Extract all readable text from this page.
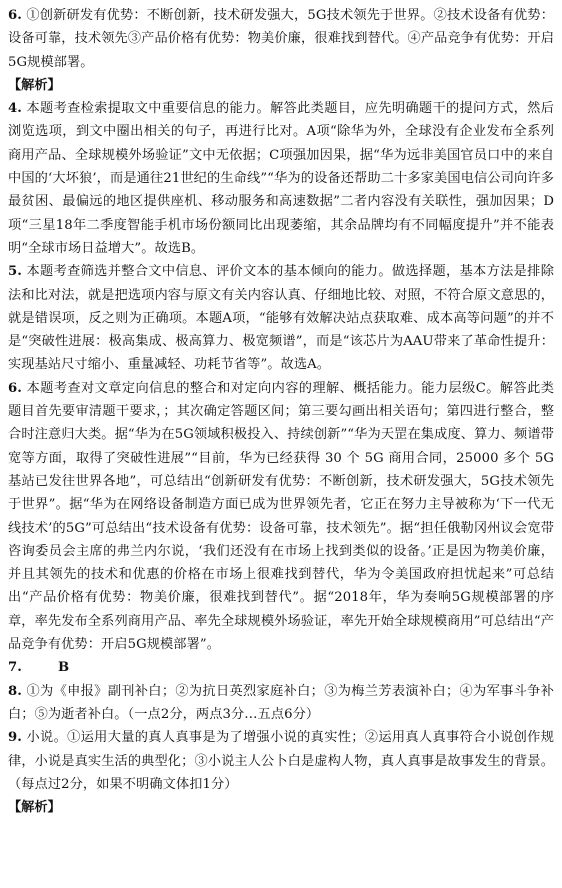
6. ①创新研发有优势：不断创新，技术研发强大，5G技术领先于世界。②技术设备有优势：设备可靠，技术领先③产品价格有优势：物美价廉，很难找到替代。④产品竞争有优势：开启5G规模部署。

【解析】

4. 本题考查检索提取文中重要信息的能力。解答此类题目，应先明确题干的提问方式，然后浏览选项，到文中圈出相关的句子，再进行比对。A项“除华为外，全球没有企业发布全系列商用产品、全球规模外场验证”文中无依据；C项强加因果，据“华为远非美国官员口中的来自中国的‘大坏狼’，而是通往21世纪的生命线”“华为的设备还帮助二十多家美国电信公司向许多最贫困、最偏远的地区提供座机、移动服务和高速数据”二者内容没有关联性，强加因果；D项“三星18年二季度智能手机市场份额同比出现萎缩，其余品牌均有不同幅度提升”并不能表明“全球市场日益增大”。故选B。

5. 本题考查筛选并整合文中信息、评价文本的基本倾向的能力。做选择题，基本方法是排除法和比对法，就是把选项内容与原文有关内容认真、仔细地比较、对照，不符合原文意思的，就是错误项，反之则为正确项。本题A项，“能够有效解决站点获取难、成本高等问题”的并不是“突破性进展：极高集成、极高算力、极宽频谱”，而是“该芯片为AAU带来了革命性提升：实现基站尺寸缩小、重量减轻、功耗节省等”。故选A。

6. 本题考查对文章定向信息的整合和对定向内容的理解、概括能力。能力层级C。解答此类题目首先要审清题干要求，；其次确定答题区间；第三要勾画出相关语句；第四进行整合，整合时注意归大类。据“华为在5G领域积极投入、持续创新”“华为天罡在集成度、算力、频谱带宽等方面，取得了突破性进展”“目前，华为已经获得 30 个 5G 商用合同，25000 多个 5G 基站已发往世界各地”，可总结出“创新研发有优势：不断创新，技术研发强大，5G技术领先于世界”。据“华为在网络设备制造方面已成为世界领先者，它正在努力主导被称为‘下一代无线技术’的5G”可总结出“技术设备有优势：设备可靠，技术领先”。据“担任俄勒冈州议会宽带咨询委员会主席的弗兰内尔说，‘我们还没有在市场上找到类似的设备。’正是因为物美价廉，并且其领先的技术和优惠的价格在市场上很难找到替代，华为令美国政府担忧起来”可总结出“产品价格有优势：物美价廉，很难找到替代”。据“2018年，华为奏响5G规模部署的序章，率先发布全系列商用产品、率先全球规模外场验证，率先开始全球规模商用”可总结出“产品竞争有优势：开启5G规模部署”。

7.	B

8. ①为《申报》副刊补白；②为抗日英烈家庭补白；③为梅兰芳表演补白；④为军事斗争补白；⑤为逝者补白。（一点2分，两点3分…五点6分）

9. 小说。①运用大量的真人真事是为了增强小说的真实性；②运用真人真事符合小说创作规律，小说是真实生活的典型化；③小说主人公卜白是虚构人物，真人真事是故事发生的背景。（每点过2分，如果不明确文体扣1分）

【解析】
